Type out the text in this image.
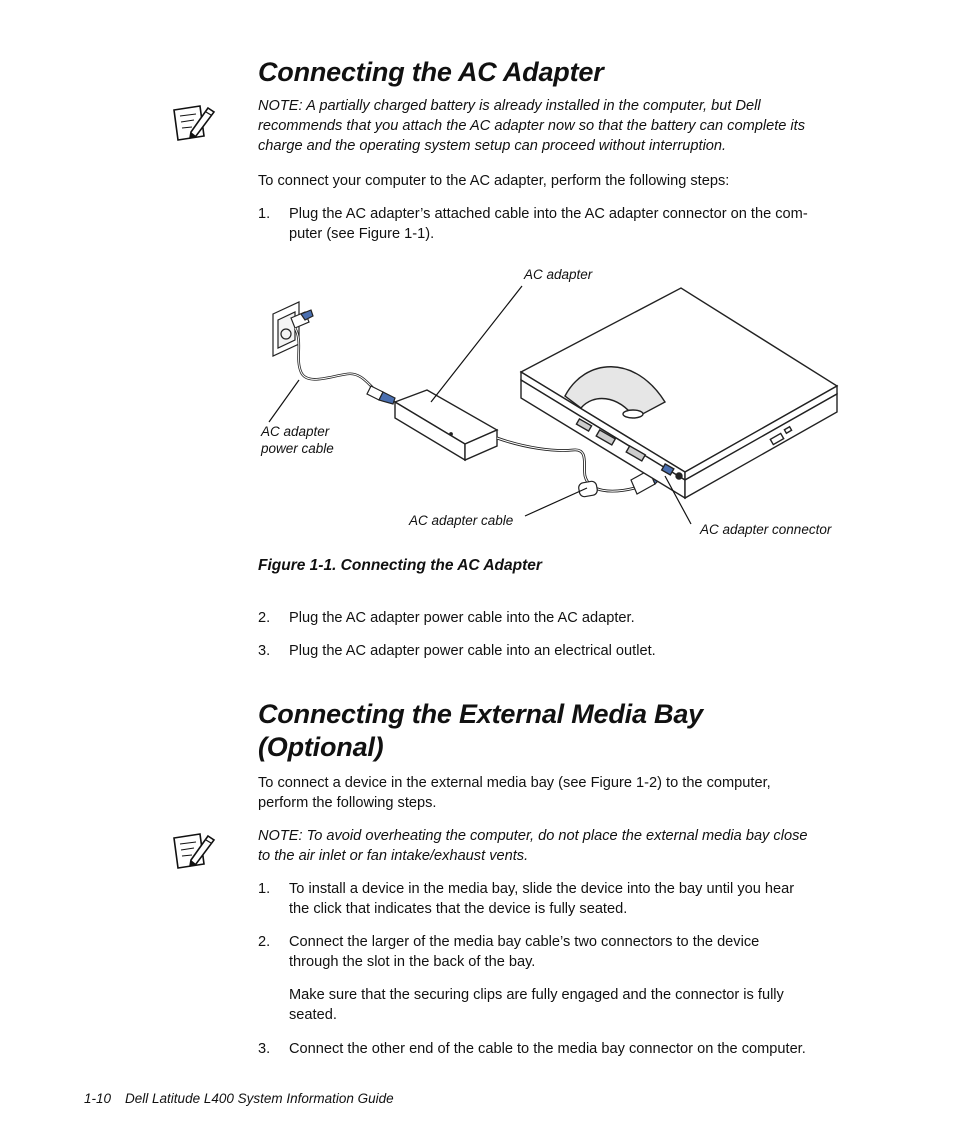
Connecting the AC Adapter
NOTE: A partially charged battery is already installed in the computer, but Dell
recommends that you attach the AC adapter now so that the battery can complete its
charge and the operating system setup can proceed without interruption.

To connect your computer to the AC adapter, perform the following steps:

1. Plug the AC adapter’s attached cable into the AC adapter connector on the com-
puter (see Figure 1-1).
AC adapter
AC adapter
power cable
AC adapter cable
AC adapter connector

Figure 1-1. Connecting the AC Adapter

2. Plug the AC adapter power cable into the AC adapter.
3. Plug the AC adapter power cable into an electrical outlet.
Connecting the External Media Bay
(Optional)
To connect a device in the external media bay (see Figure 1-2) to the computer,
perform the following steps.
NOTE: To avoid overheating the computer, do not place the external media bay close
to the air inlet or fan intake/exhaust vents.
1. To install a device in the media bay, slide the device into the bay until you hear
the click that indicates that the device is fully seated.
2. Connect the larger of the media bay cable’s two connectors to the device
through the slot in the back of the bay.
Make sure that the securing clips are fully engaged and the connector is fully
seated.
3. Connect the other end of the cable to the media bay connector on the computer.
1-10 Dell Latitude L400 System Information Guide
